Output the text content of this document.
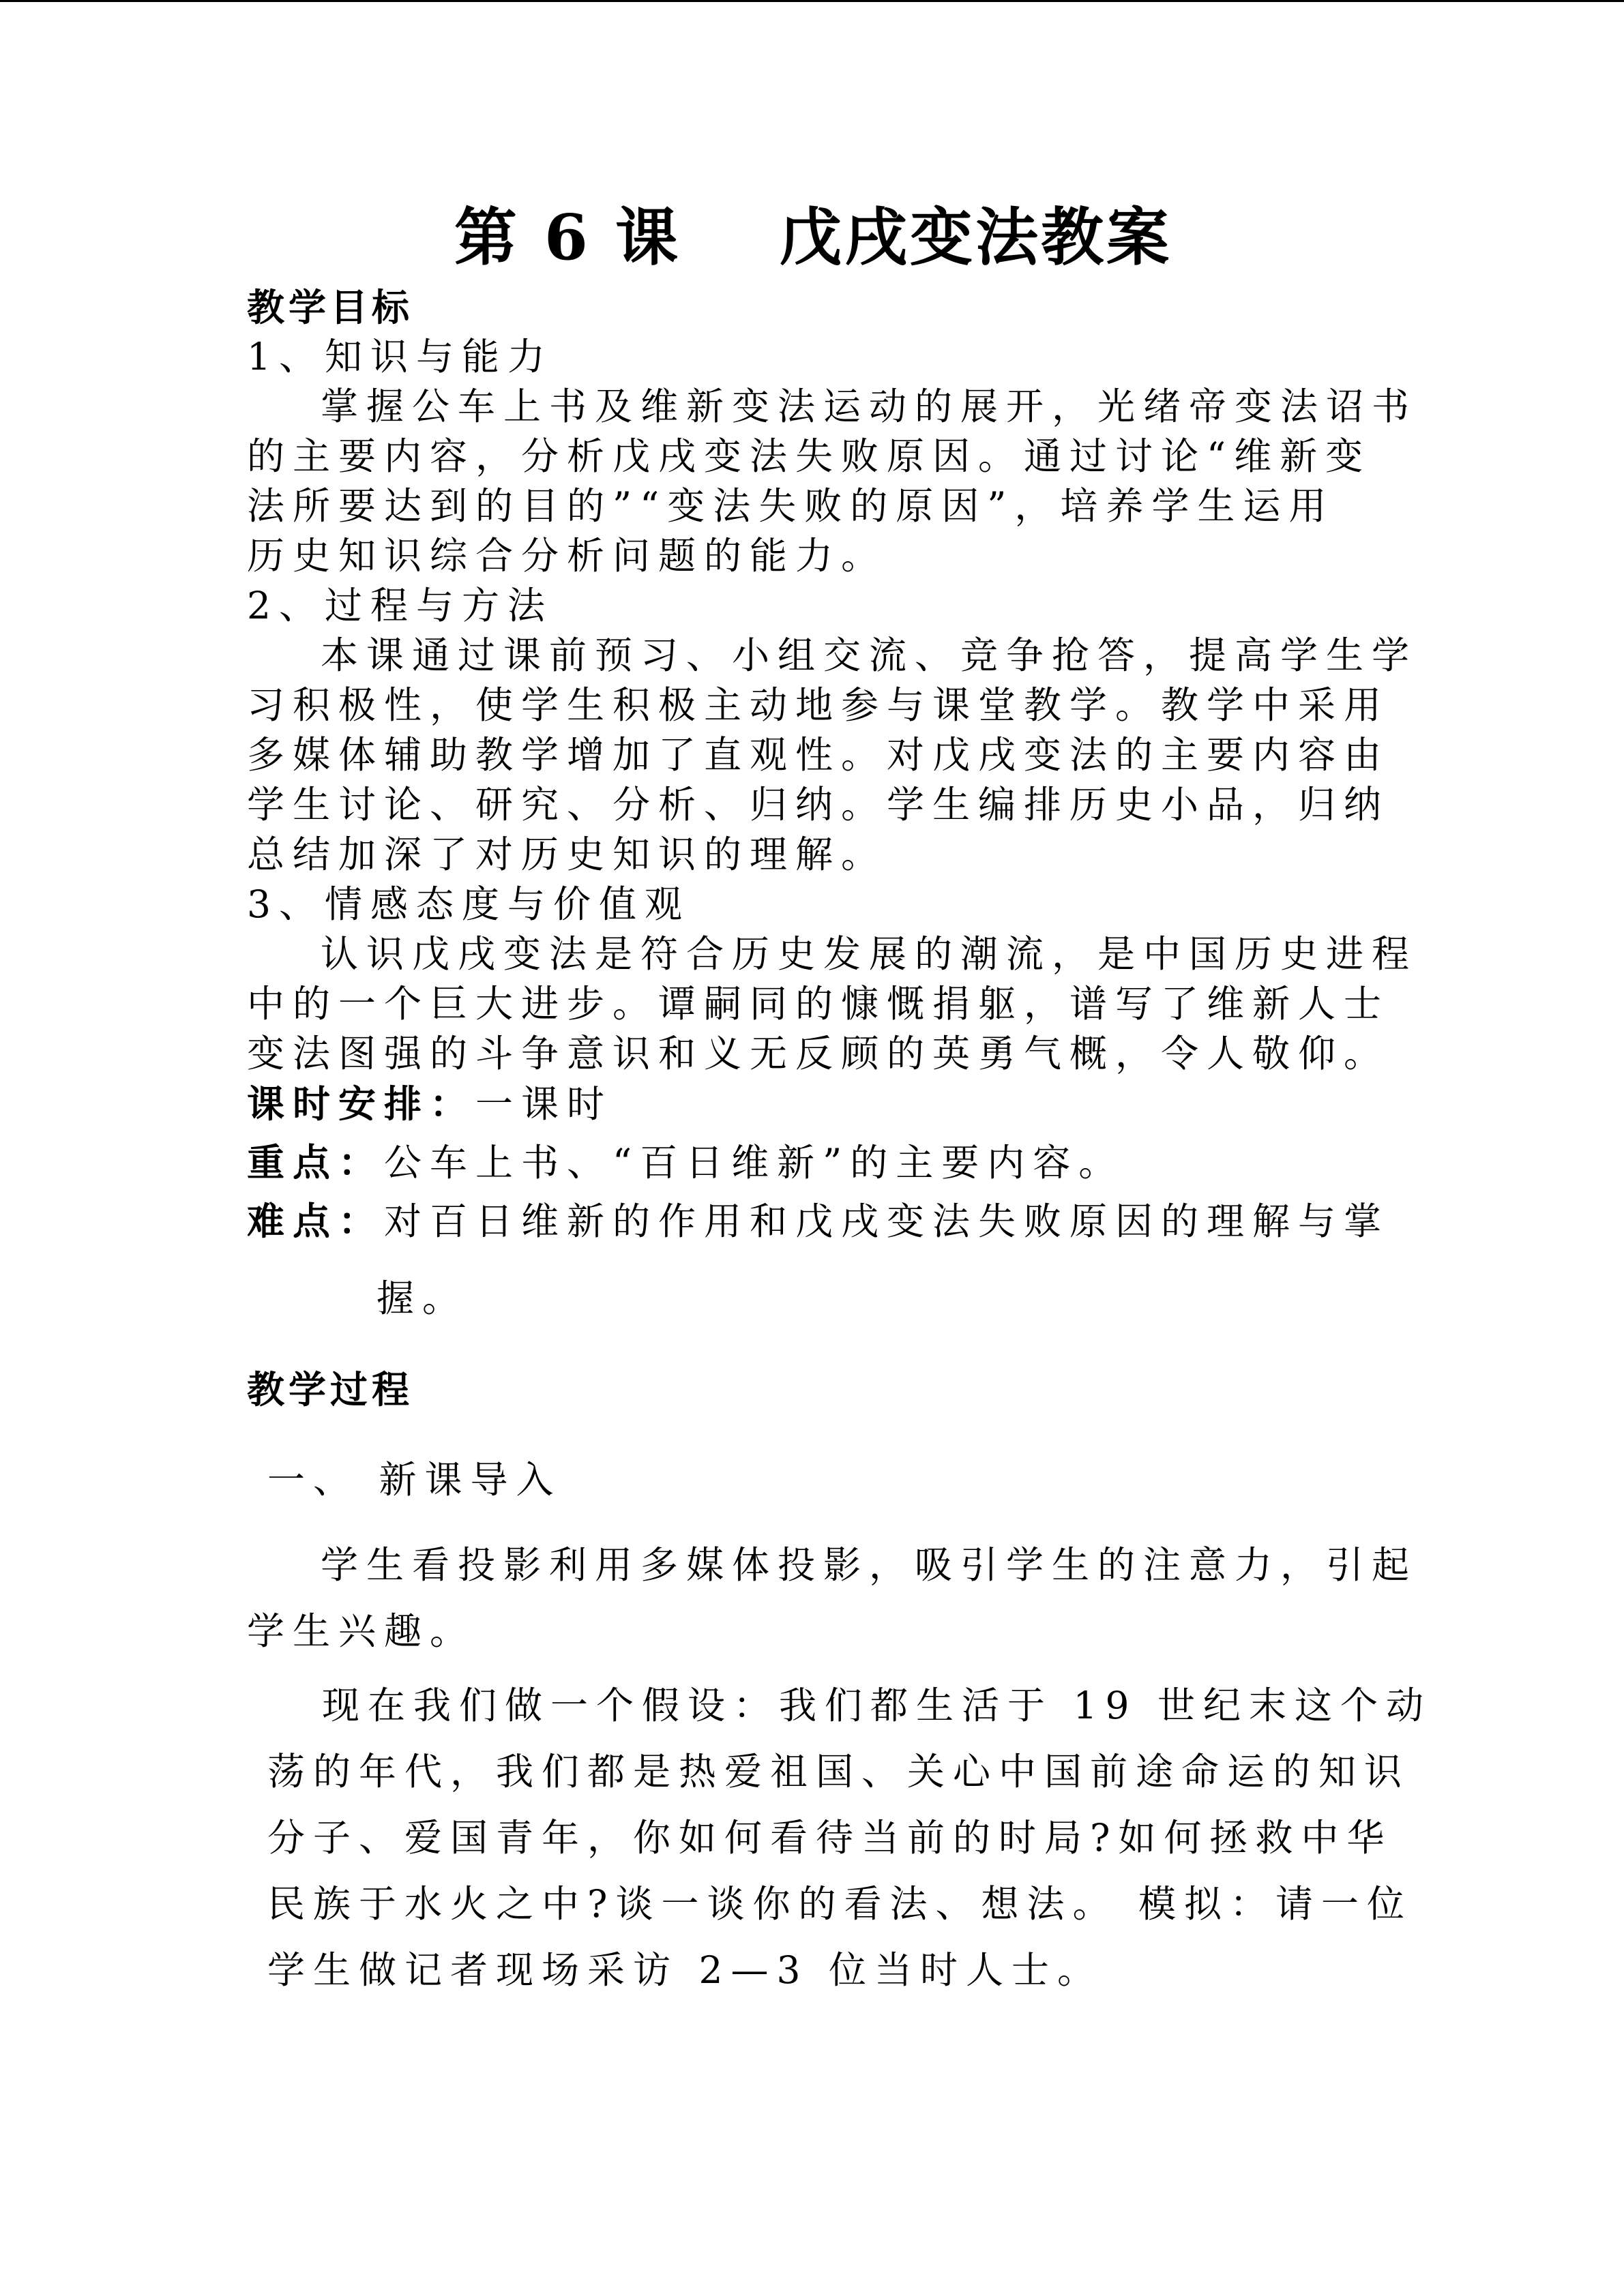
第 6 课    戊戌变法教案

教学目标

1、知识与能力

掌握公车上书及维新变法运动的展开，光绪帝变法诏书
的主要内容，分析戊戌变法失败原因。通过讨论“维新变
法所要达到的目的”“变法失败的原因”，培养学生运用
历史知识综合分析问题的能力。

2、过程与方法

本课通过课前预习、小组交流、竞争抢答，提高学生学
习积极性，使学生积极主动地参与课堂教学。教学中采用
多媒体辅助教学增加了直观性。对戊戌变法的主要内容由
学生讨论、研究、分析、归纳。学生编排历史小品，归纳
总结加深了对历史知识的理解。

3、情感态度与价值观

认识戊戌变法是符合历史发展的潮流，是中国历史进程
中的一个巨大进步。谭嗣同的慷慨捐躯，谱写了维新人士
变法图强的斗争意识和义无反顾的英勇气概，令人敬仰。

课时安排：一课时

重点：公车上书、“百日维新”的主要内容。

难点：对百日维新的作用和戊戌变法失败原因的理解与掌

握。

教学过程

一、 新课导入

学生看投影利用多媒体投影，吸引学生的注意力，引起
学生兴趣。
现在我们做一个假设：我们都生活于 19 世纪末这个动
荡的年代，我们都是热爱祖国、关心中国前途命运的知识
分子、爱国青年，你如何看待当前的时局?如何拯救中华
民族于水火之中?谈一谈你的看法、想法。 模拟：请一位
学生做记者现场采访 2—3 位当时人士。
